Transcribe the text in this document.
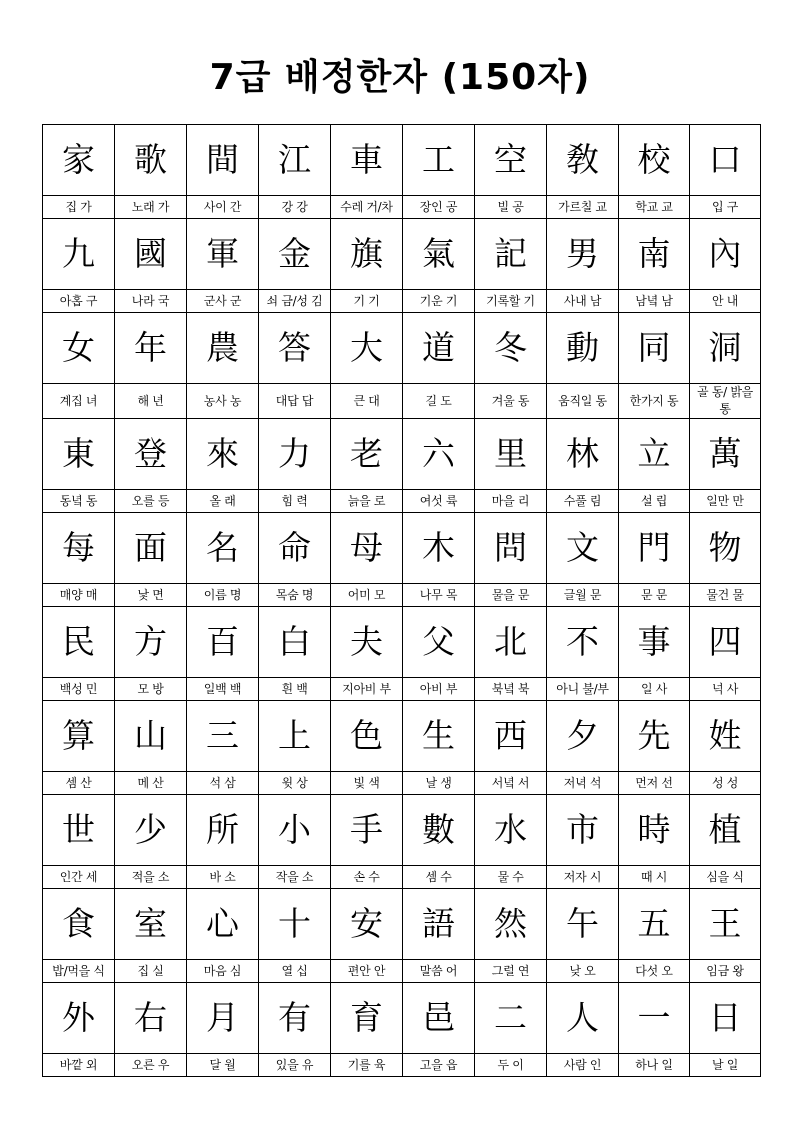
7급 배정한자 (150자)
家	歌	間	江	車	工	空	敎	校	口
집 가	노래 가	사이 간	강 강	수레 거/차	장인 공	빌 공	가르칠 교	학교 교	입 구
九	國	軍	金	旗	氣	記	男	南	內
아홉 구	나라 국	군사 군	쇠 금/성 김	기 기	기운 기	기록할 기	사내 남	남녘 남	안 내
女	年	農	答	大	道	冬	動	同	洞
계집 녀	해 년	농사 농	대답 답	큰 대	길 도	겨울 동	움직일 동	한가지 동	골 동/ 밝을 통
東	登	來	力	老	六	里	林	立	萬
동녘 동	오를 등	올 래	힘 력	늙을 로	여섯 륙	마을 리	수풀 림	설 립	일만 만
每	面	名	命	母	木	問	文	門	物
매양 매	낯 면	이름 명	목숨 명	어미 모	나무 목	물을 문	글월 문	문 문	물건 물
民	方	百	白	夫	父	北	不	事	四
백성 민	모 방	일백 백	흰 백	지아비 부	아비 부	북녘 북	아니 불/부	일 사	넉 사
算	山	三	上	色	生	西	夕	先	姓
셈 산	메 산	석 삼	윗 상	빛 색	날 생	서녘 서	저녁 석	먼저 선	성 성
世	少	所	小	手	數	水	市	時	植
인간 세	적을 소	바 소	작을 소	손 수	셈 수	물 수	저자 시	때 시	심을 식
食	室	心	十	安	語	然	午	五	王
밥/먹을 식	집 실	마음 심	열 십	편안 안	말씀 어	그럴 연	낮 오	다섯 오	임금 왕
外	右	月	有	育	邑	二	人	一	日
바깥 외	오른 우	달 월	있을 유	기를 육	고을 읍	두 이	사람 인	하나 일	날 일
